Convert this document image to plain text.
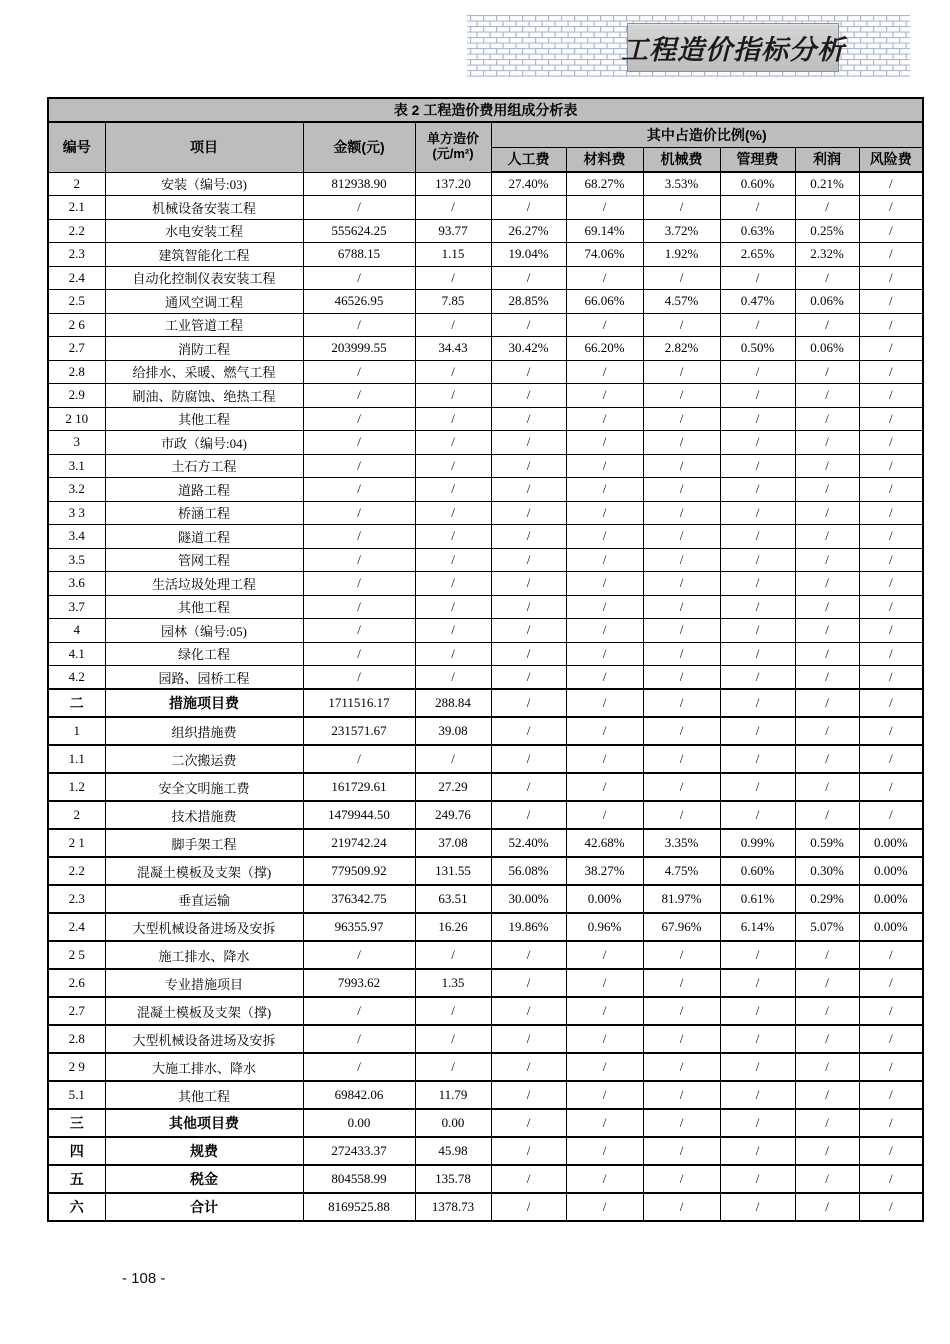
工程造价指标分析
表 2 工程造价费用组成分析表									
编号	项目	金额(元)	单方造价
(元/m²)	其中占造价比例(%)					
				人工费	材料费	机械费	管理费	利润	风险费
2	安装（编号:03)	812938.90	137.20	27.40%	68.27%	3.53%	0.60%	0.21%	/
2.1	机械设备安装工程	/	/	/	/	/	/	/	/
2.2	水电安装工程	555624.25	93.77	26.27%	69.14%	3.72%	0.63%	0.25%	/
2.3	建筑智能化工程	6788.15	1.15	19.04%	74.06%	1.92%	2.65%	2.32%	/
2.4	自动化控制仪表安装工程	/	/	/	/	/	/	/	/
2.5	通风空调工程	46526.95	7.85	28.85%	66.06%	4.57%	0.47%	0.06%	/
2 6	工业管道工程	/	/	/	/	/	/	/	/
2.7	消防工程	203999.55	34.43	30.42%	66.20%	2.82%	0.50%	0.06%	/
2.8	给排水、采暖、燃气工程	/	/	/	/	/	/	/	/
2.9	刷油、防腐蚀、绝热工程	/	/	/	/	/	/	/	/
2 10	其他工程	/	/	/	/	/	/	/	/
3	市政（编号:04)	/	/	/	/	/	/	/	/
3.1	土石方工程	/	/	/	/	/	/	/	/
3.2	道路工程	/	/	/	/	/	/	/	/
3 3	桥涵工程	/	/	/	/	/	/	/	/
3.4	隧道工程	/	/	/	/	/	/	/	/
3.5	管网工程	/	/	/	/	/	/	/	/
3.6	生活垃圾处理工程	/	/	/	/	/	/	/	/
3.7	其他工程	/	/	/	/	/	/	/	/
4	园林（编号:05)	/	/	/	/	/	/	/	/
4.1	绿化工程	/	/	/	/	/	/	/	/
4.2	园路、园桥工程	/	/	/	/	/	/	/	/
二	措施项目费	1711516.17	288.84	/	/	/	/	/	/
1	组织措施费	231571.67	39.08	/	/	/	/	/	/
1.1	二次搬运费	/	/	/	/	/	/	/	/
1.2	安全文明施工费	161729.61	27.29	/	/	/	/	/	/
2	技术措施费	1479944.50	249.76	/	/	/	/	/	/
2 1	脚手架工程	219742.24	37.08	52.40%	42.68%	3.35%	0.99%	0.59%	0.00%
2.2	混凝土模板及支架（撑)	779509.92	131.55	56.08%	38.27%	4.75%	0.60%	0.30%	0.00%
2.3	垂直运输	376342.75	63.51	30.00%	0.00%	81.97%	0.61%	0.29%	0.00%
2.4	大型机械设备进场及安拆	96355.97	16.26	19.86%	0.96%	67.96%	6.14%	5.07%	0.00%
2 5	施工排水、降水	/	/	/	/	/	/	/	/
2.6	专业措施项目	7993.62	1.35	/	/	/	/	/	/
2.7	混凝土模板及支架（撑)	/	/	/	/	/	/	/	/
2.8	大型机械设备进场及安拆	/	/	/	/	/	/	/	/
2 9	大施工排水、降水	/	/	/	/	/	/	/	/
5.1	其他工程	69842.06	11.79	/	/	/	/	/	/
三	其他项目费	0.00	0.00	/	/	/	/	/	/
四	规费	272433.37	45.98	/	/	/	/	/	/
五	税金	804558.99	135.78	/	/	/	/	/	/
六	合计	8169525.88	1378.73	/	/	/	/	/	/
- 108 -
